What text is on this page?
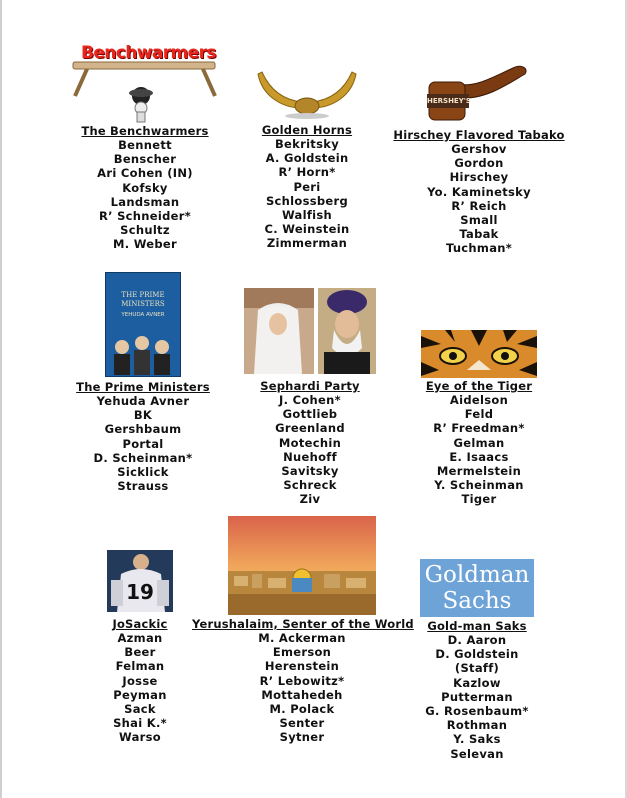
Benchwarmers
The Benchwarmers
Bennett
Benscher
Ari Cohen (IN)
Kofsky
Landsman
R’ Schneider*
Schultz
M. Weber
Golden Horns
Bekritsky
A. Goldstein
R’ Horn*
Peri
Schlossberg
Walfish
C. Weinstein
Zimmerman
HERSHEY'S
Hirschey Flavored Tabako
Gershov
Gordon
Hirschey
Yo. Kaminetsky
R’ Reich
Small
Tabak
Tuchman*
THE PRIME
MINISTERS
YEHUDA AVNER
The Prime Ministers
Yehuda Avner
BK
Gershbaum
Portal
D. Scheinman*
Sicklick
Strauss
Sephardi Party
J. Cohen*
Gottlieb
Greenland
Motechin
Nuehoff
Savitsky
Schreck
Ziv
Eye of the Tiger
Aidelson
Feld
R’ Freedman*
Gelman
E. Isaacs
Mermelstein
Y. Scheinman
Tiger
19
JoSackic
Azman
Beer
Felman
Josse
Peyman
Sack
Shai K.*
Warso
Yerushalaim, Senter of the World
M. Ackerman
Emerson
Herenstein
R’ Lebowitz*
Mottahedeh
M. Polack
Senter
Sytner
Goldman
Sachs
Gold-man Saks
D. Aaron
D. Goldstein
(Staff)
Kazlow
Putterman
G. Rosenbaum*
Rothman
Y. Saks
Selevan
